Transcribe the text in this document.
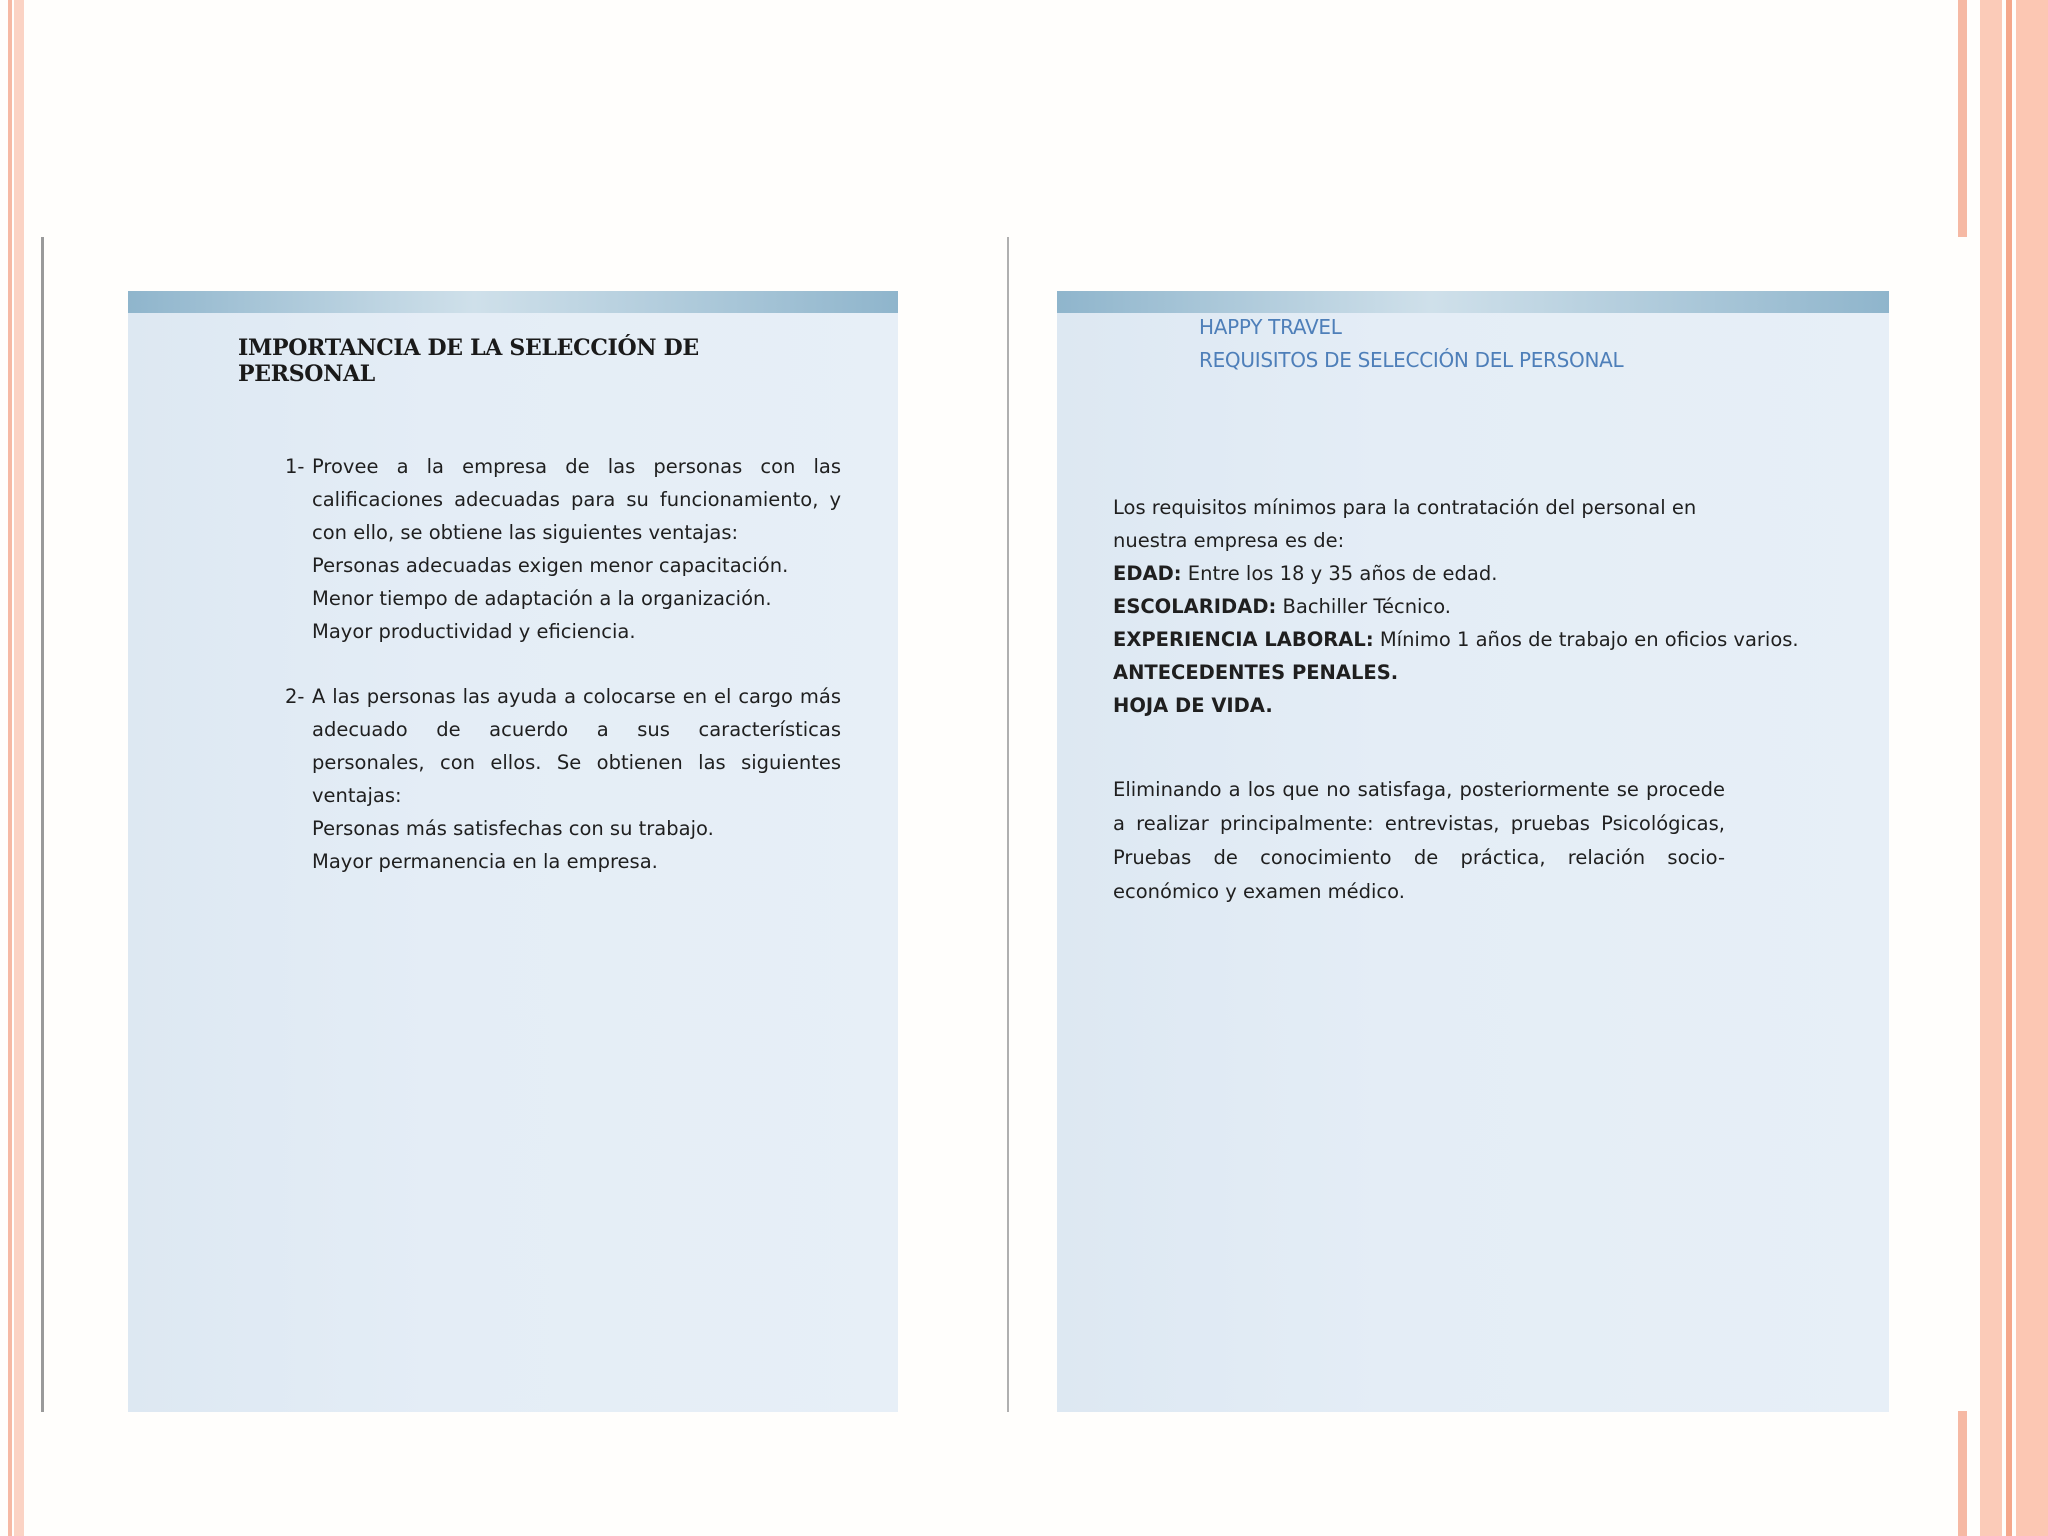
IMPORTANCIA DE LA SELECCIÓN DE PERSONAL
1- Provee a la empresa de las personas con las calificaciones adecuadas para su funcionamiento, y con ello, se obtiene las siguientes ventajas:
Personas adecuadas exigen menor capacitación.
Menor tiempo de adaptación a la organización.
Mayor productividad y eficiencia.
2- A las personas las ayuda a colocarse en el cargo más adecuado de acuerdo a sus características personales, con ellos. Se obtienen las siguientes ventajas:
Personas más satisfechas con su trabajo.
Mayor permanencia en la empresa.
HAPPY TRAVEL
REQUISITOS DE SELECCIÓN DEL PERSONAL
Los requisitos mínimos para la contratación del personal en nuestra empresa es de:
EDAD: Entre los 18 y 35 años de edad.
ESCOLARIDAD: Bachiller Técnico.
EXPERIENCIA LABORAL: Mínimo 1 años de trabajo en oficios varios.
ANTECEDENTES PENALES.
HOJA DE VIDA.
Eliminando a los que no satisfaga, posteriormente se procede a realizar principalmente: entrevistas, pruebas Psicológicas, Pruebas de conocimiento de práctica, relación socio-económico y examen médico.
